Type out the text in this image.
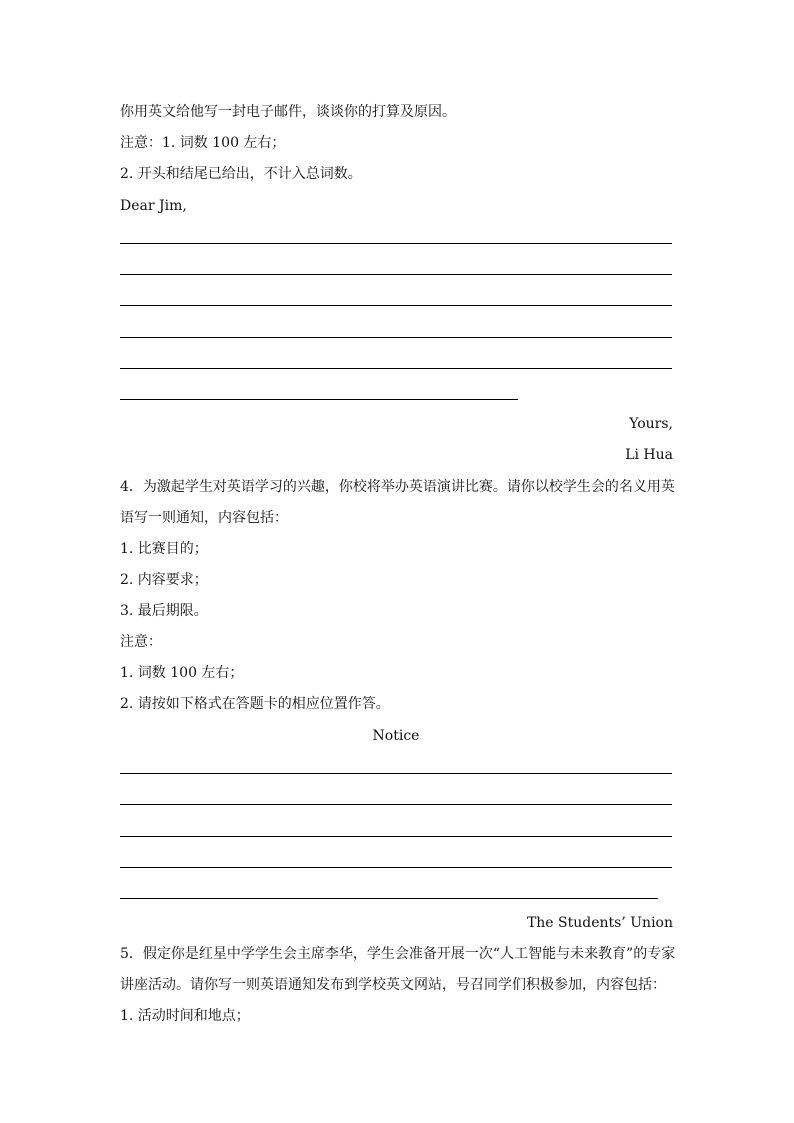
你用英文给他写一封电子邮件，谈谈你的打算及原因。
注意：1. 词数 100 左右；
2. 开头和结尾已给出，不计入总词数。
Dear Jim,
Yours,
Li Hua
4．为激起学生对英语学习的兴趣，你校将举办英语演讲比赛。请你以校学生会的名义用英
语写一则通知，内容包括：
1. 比赛目的；
2. 内容要求；
3. 最后期限。
注意：
1. 词数 100 左右；
2. 请按如下格式在答题卡的相应位置作答。
Notice
The Students’ Union
5．假定你是红星中学学生会主席李华，学生会准备开展一次“人工智能与未来教育”的专家
讲座活动。请你写一则英语通知发布到学校英文网站，号召同学们积极参加，内容包括：
1. 活动时间和地点；
